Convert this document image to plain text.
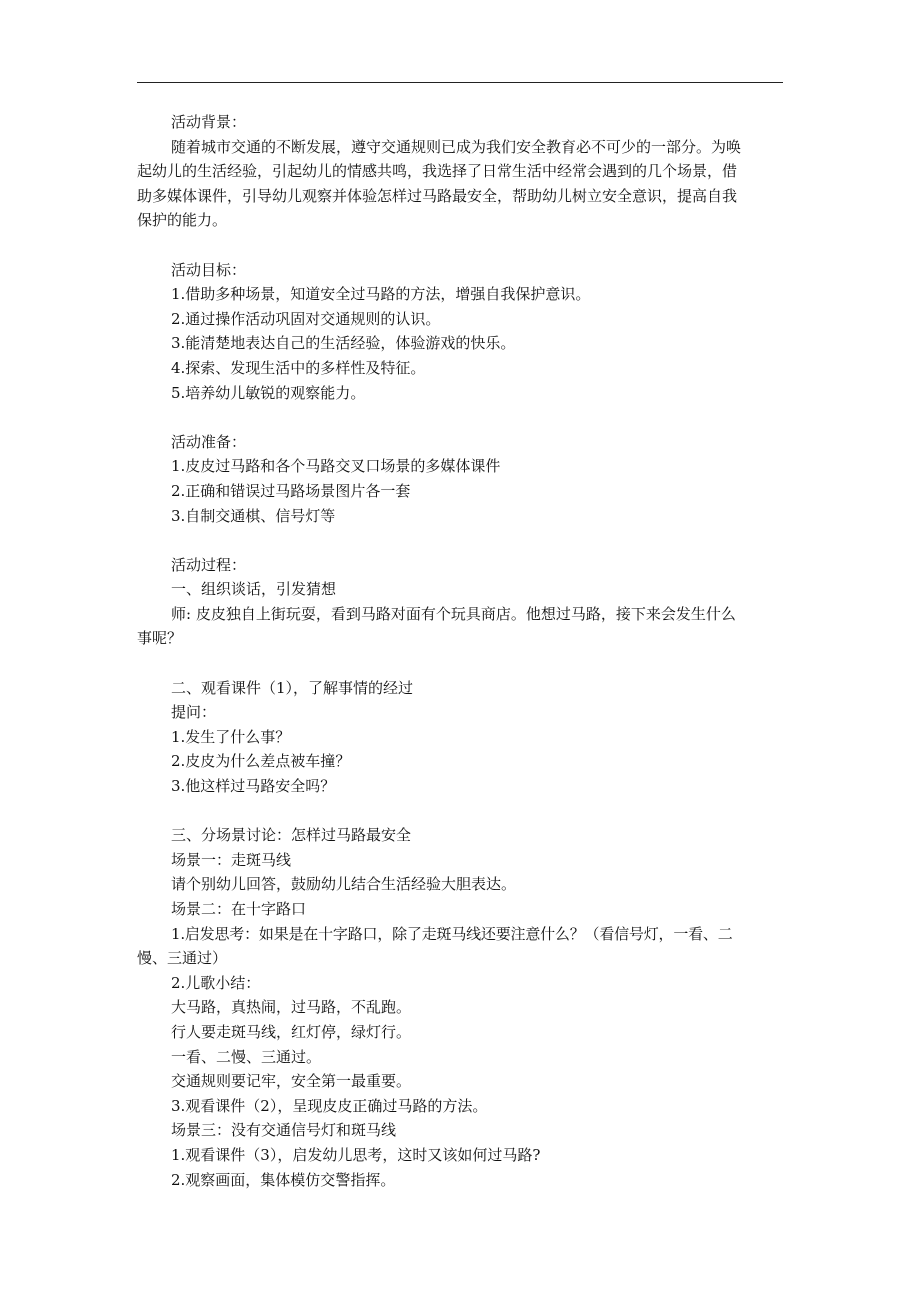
活动背景：

随着城市交通的不断发展，遵守交通规则已成为我们安全教育必不可少的一部分。为唤

起幼儿的生活经验，引起幼儿的情感共鸣，我选择了日常生活中经常会遇到的几个场景，借

助多媒体课件，引导幼儿观察并体验怎样过马路最安全，帮助幼儿树立安全意识，提高自我

保护的能力。

活动目标：

1.借助多种场景，知道安全过马路的方法，增强自我保护意识。

2.通过操作活动巩固对交通规则的认识。

3.能清楚地表达自己的生活经验，体验游戏的快乐。

4.探索、发现生活中的多样性及特征。

5.培养幼儿敏锐的观察能力。

活动准备：

1.皮皮过马路和各个马路交叉口场景的多媒体课件

2.正确和错误过马路场景图片各一套

3.自制交通棋、信号灯等

活动过程：

一、组织谈话，引发猜想

师: 皮皮独自上街玩耍，看到马路对面有个玩具商店。他想过马路，接下来会发生什么

事呢？

二、观看课件（1），了解事情的经过

提问：

1.发生了什么事？

2.皮皮为什么差点被车撞？

3.他这样过马路安全吗？

三、分场景讨论：怎样过马路最安全

场景一：走斑马线

请个别幼儿回答，鼓励幼儿结合生活经验大胆表达。

场景二：在十字路口

1.启发思考：如果是在十字路口，除了走斑马线还要注意什么？（看信号灯，一看、二

慢、三通过）

2.儿歌小结：

大马路，真热闹，过马路，不乱跑。

行人要走斑马线，红灯停，绿灯行。

一看、二慢、三通过。

交通规则要记牢，安全第一最重要。

3.观看课件（2），呈现皮皮正确过马路的方法。

场景三：没有交通信号灯和斑马线

1.观看课件（3），启发幼儿思考，这时又该如何过马路?

2.观察画面，集体模仿交警指挥。
